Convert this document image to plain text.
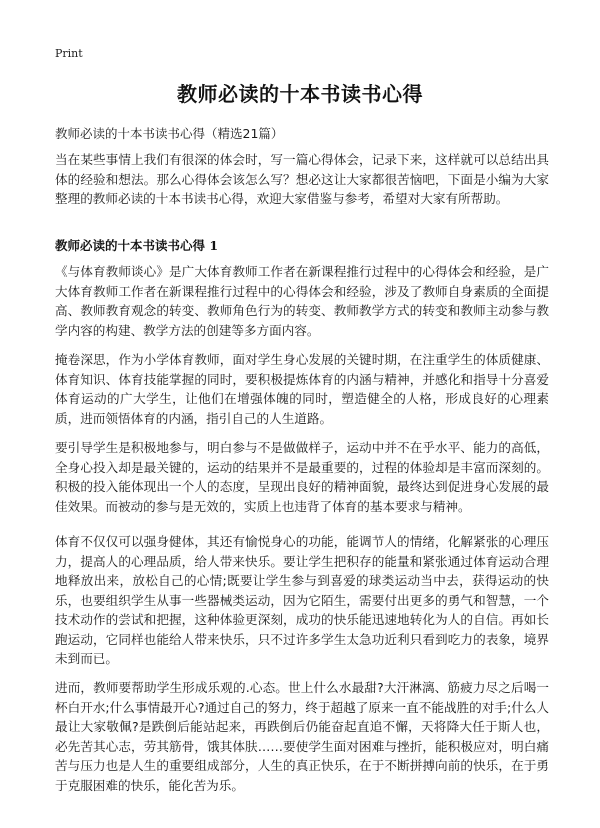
Print
教师必读的十本书读书心得
教师必读的十本书读书心得（精选21篇）

当在某些事情上我们有很深的体会时，写一篇心得体会，记录下来，这样就可以总结出具体的经验和想法。那么心得体会该怎么写？想必这让大家都很苦恼吧，下面是小编为大家整理的教师必读的十本书读书心得，欢迎大家借鉴与参考，希望对大家有所帮助。

教师必读的十本书读书心得 1

《与体育教师谈心》是广大体育教师工作者在新课程推行过程中的心得体会和经验，是广大体育教师工作者在新课程推行过程中的心得体会和经验，涉及了教师自身素质的全面提高、教师教育观念的转变、教师角色行为的转变、教师教学方式的转变和教师主动参与教学内容的构建、教学方法的创建等多方面内容。

掩卷深思，作为小学体育教师，面对学生身心发展的关键时期，在注重学生的体质健康、体育知识、体育技能掌握的同时，要积极提炼体育的内涵与精神，并感化和指导十分喜爱体育运动的广大学生，让他们在增强体魄的同时，塑造健全的人格，形成良好的心理素质，进而领悟体育的内涵，指引自己的人生道路。

要引导学生是积极地参与，明白参与不是做做样子，运动中并不在乎水平、能力的高低，全身心投入却是最关键的，运动的结果并不是最重要的，过程的体验却是丰富而深刻的。积极的投入能体现出一个人的态度，呈现出良好的精神面貌，最终达到促进身心发展的最佳效果。而被动的参与是无效的，实质上也违背了体育的基本要求与精神。

体育不仅仅可以强身健体，其还有愉悦身心的功能，能调节人的情绪，化解紧张的心理压力，提高人的心理品质，给人带来快乐。要让学生把积存的能量和紧张通过体育运动合理地释放出来，放松自己的心情;既要让学生参与到喜爱的球类运动当中去，获得运动的快乐，也要组织学生从事一些器械类运动，因为它陌生，需要付出更多的勇气和智慧，一个技术动作的尝试和把握，这种体验更深刻，成功的快乐能迅速地转化为人的自信。再如长跑运动，它同样也能给人带来快乐，只不过许多学生太急功近利只看到吃力的表象，境界未到而已。

进而，教师要帮助学生形成乐观的.心态。世上什么水最甜?大汗淋漓、筋疲力尽之后喝一杯白开水;什么事情最开心?通过自己的努力，终于超越了原来一直不能战胜的对手;什么人最让大家敬佩?是跌倒后能站起来，再跌倒后仍能奋起直追不懈，天将降大任于斯人也，必先苦其心志，劳其筋骨，饿其体肤……要使学生面对困难与挫折，能积极应对，明白痛苦与压力也是人生的重要组成部分，人生的真正快乐，在于不断拼搏向前的快乐，在于勇于克服困难的快乐，能化苦为乐。
